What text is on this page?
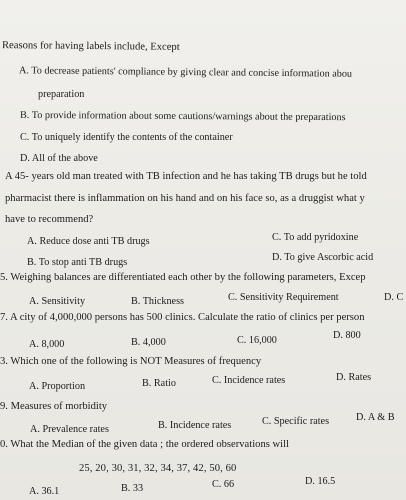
Reasons for having labels include, Except
A. To decrease patients' compliance by giving clear and concise information abou
preparation
B. To provide information about some cautions/warnings about the preparations
C. To uniquely identify the contents of the container
D. All of the above
A 45- years old man treated with TB infection and he has taking TB drugs but he told
pharmacist there is inflammation on his hand and on his face so, as a druggist what y
have to recommend?
A. Reduce dose anti TB drugs	C. To add pyridoxine
B. To stop anti TB drugs	D. To give Ascorbic acid
5. Weighing balances are differentiated each other by the following parameters, Excep
A. Sensitivity	B. Thickness	C. Sensitivity Requirement	D. C
7. A city of 4,000,000 persons has 500 clinics. Calculate the ratio of clinics per person
A. 8,000	B. 4,000	C. 16,000	D. 800
3. Which one of the following is NOT Measures of frequency
A. Proportion	B. Ratio	C. Incidence rates	D. Rates
9. Measures of morbidity
A. Prevalence rates	B. Incidence rates	C. Specific rates	D. A & B
0. What the Median of the given data ; the ordered observations will
25, 20, 30, 31, 32, 34, 37, 42, 50, 60
A. 36.1	B. 33	C. 66	D. 16.5
